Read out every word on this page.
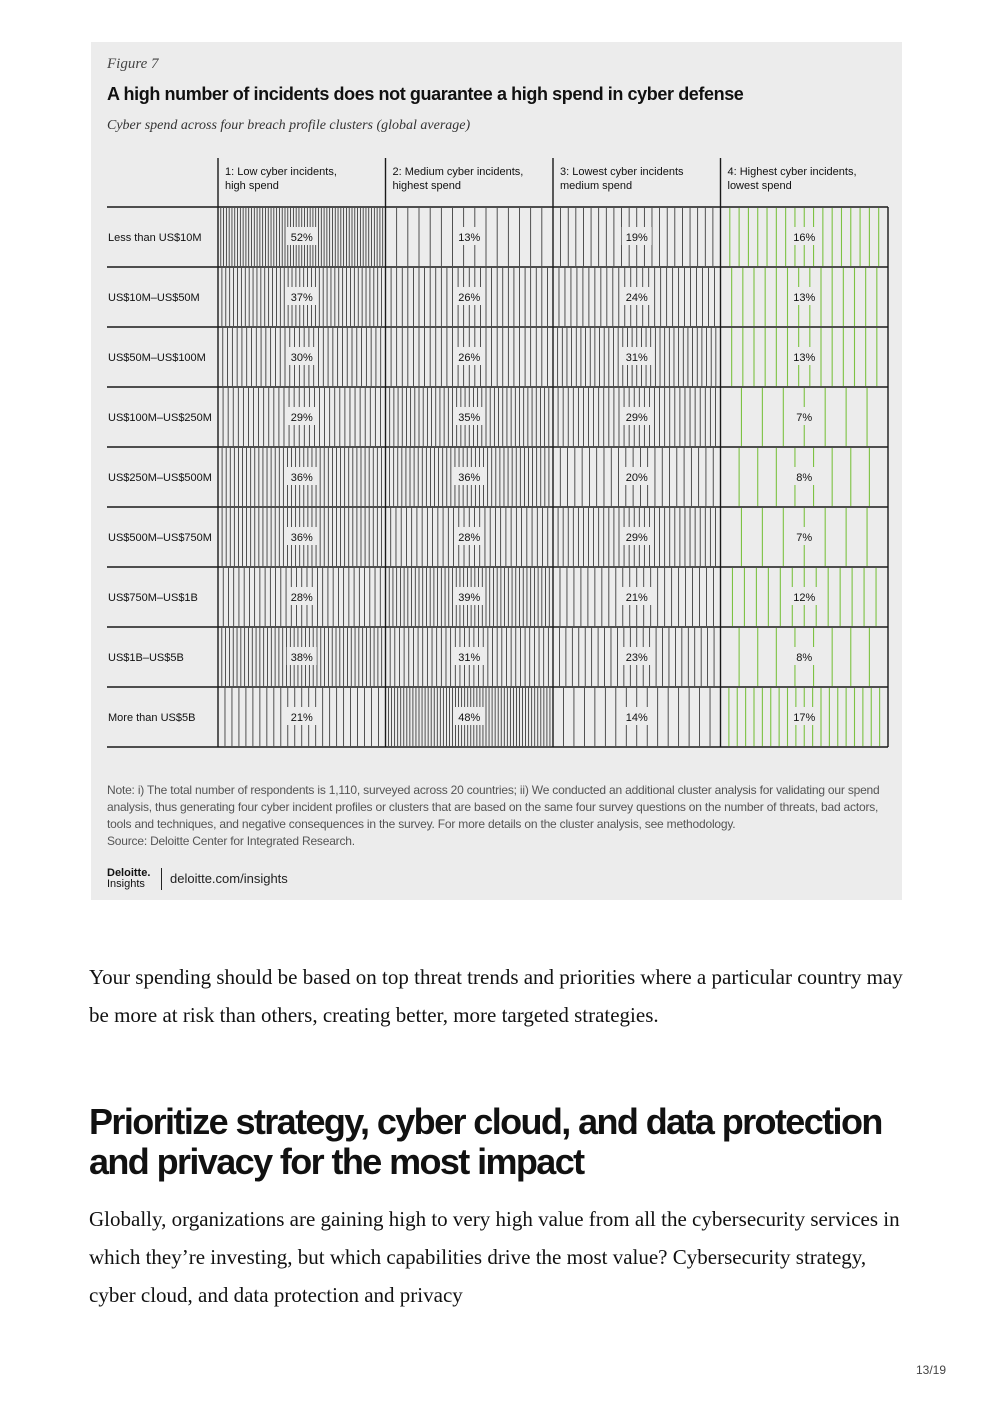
Figure 7
A high number of incidents does not guarantee a high spend in cyber defense
Cyber spend across four breach profile clusters (global average)
1: Low cyber incidents, high spend
2: Medium cyber incidents, highest spend
3: Lowest cyber incidents medium spend
4: Highest cyber incidents, lowest spend
Less than US$10M	52%	13%	19%	16%
US$10M–US$50M	37%	26%	24%	13%
US$50M–US$100M	30%	26%	31%	13%
US$100M–US$250M	29%	35%	29%	7%
US$250M–US$500M	36%	36%	20%	8%
US$500M–US$750M	36%	28%	29%	7%
US$750M–US$1B	28%	39%	21%	12%
US$1B–US$5B	38%	31%	23%	8%
More than US$5B	21%	48%	14%	17%
Note: i) The total number of respondents is 1,110, surveyed across 20 countries; ii) We conducted an additional cluster analysis for validating our spend analysis, thus generating four cyber incident profiles or clusters that are based on the same four survey questions on the number of threats, bad actors, tools and techniques, and negative consequences in the survey. For more details on the cluster analysis, see methodology.
Source: Deloitte Center for Integrated Research.
Deloitte.
Insights	deloitte.com/insights

Your spending should be based on top threat trends and priorities where a particular country may be more at risk than others, creating better, more targeted strategies.

Prioritize strategy, cyber cloud, and data protection and privacy for the most impact

Globally, organizations are gaining high to very high value from all the cybersecurity services in which they’re investing, but which capabilities drive the most value? Cybersecurity strategy, cyber cloud, and data protection and privacy

13/19
